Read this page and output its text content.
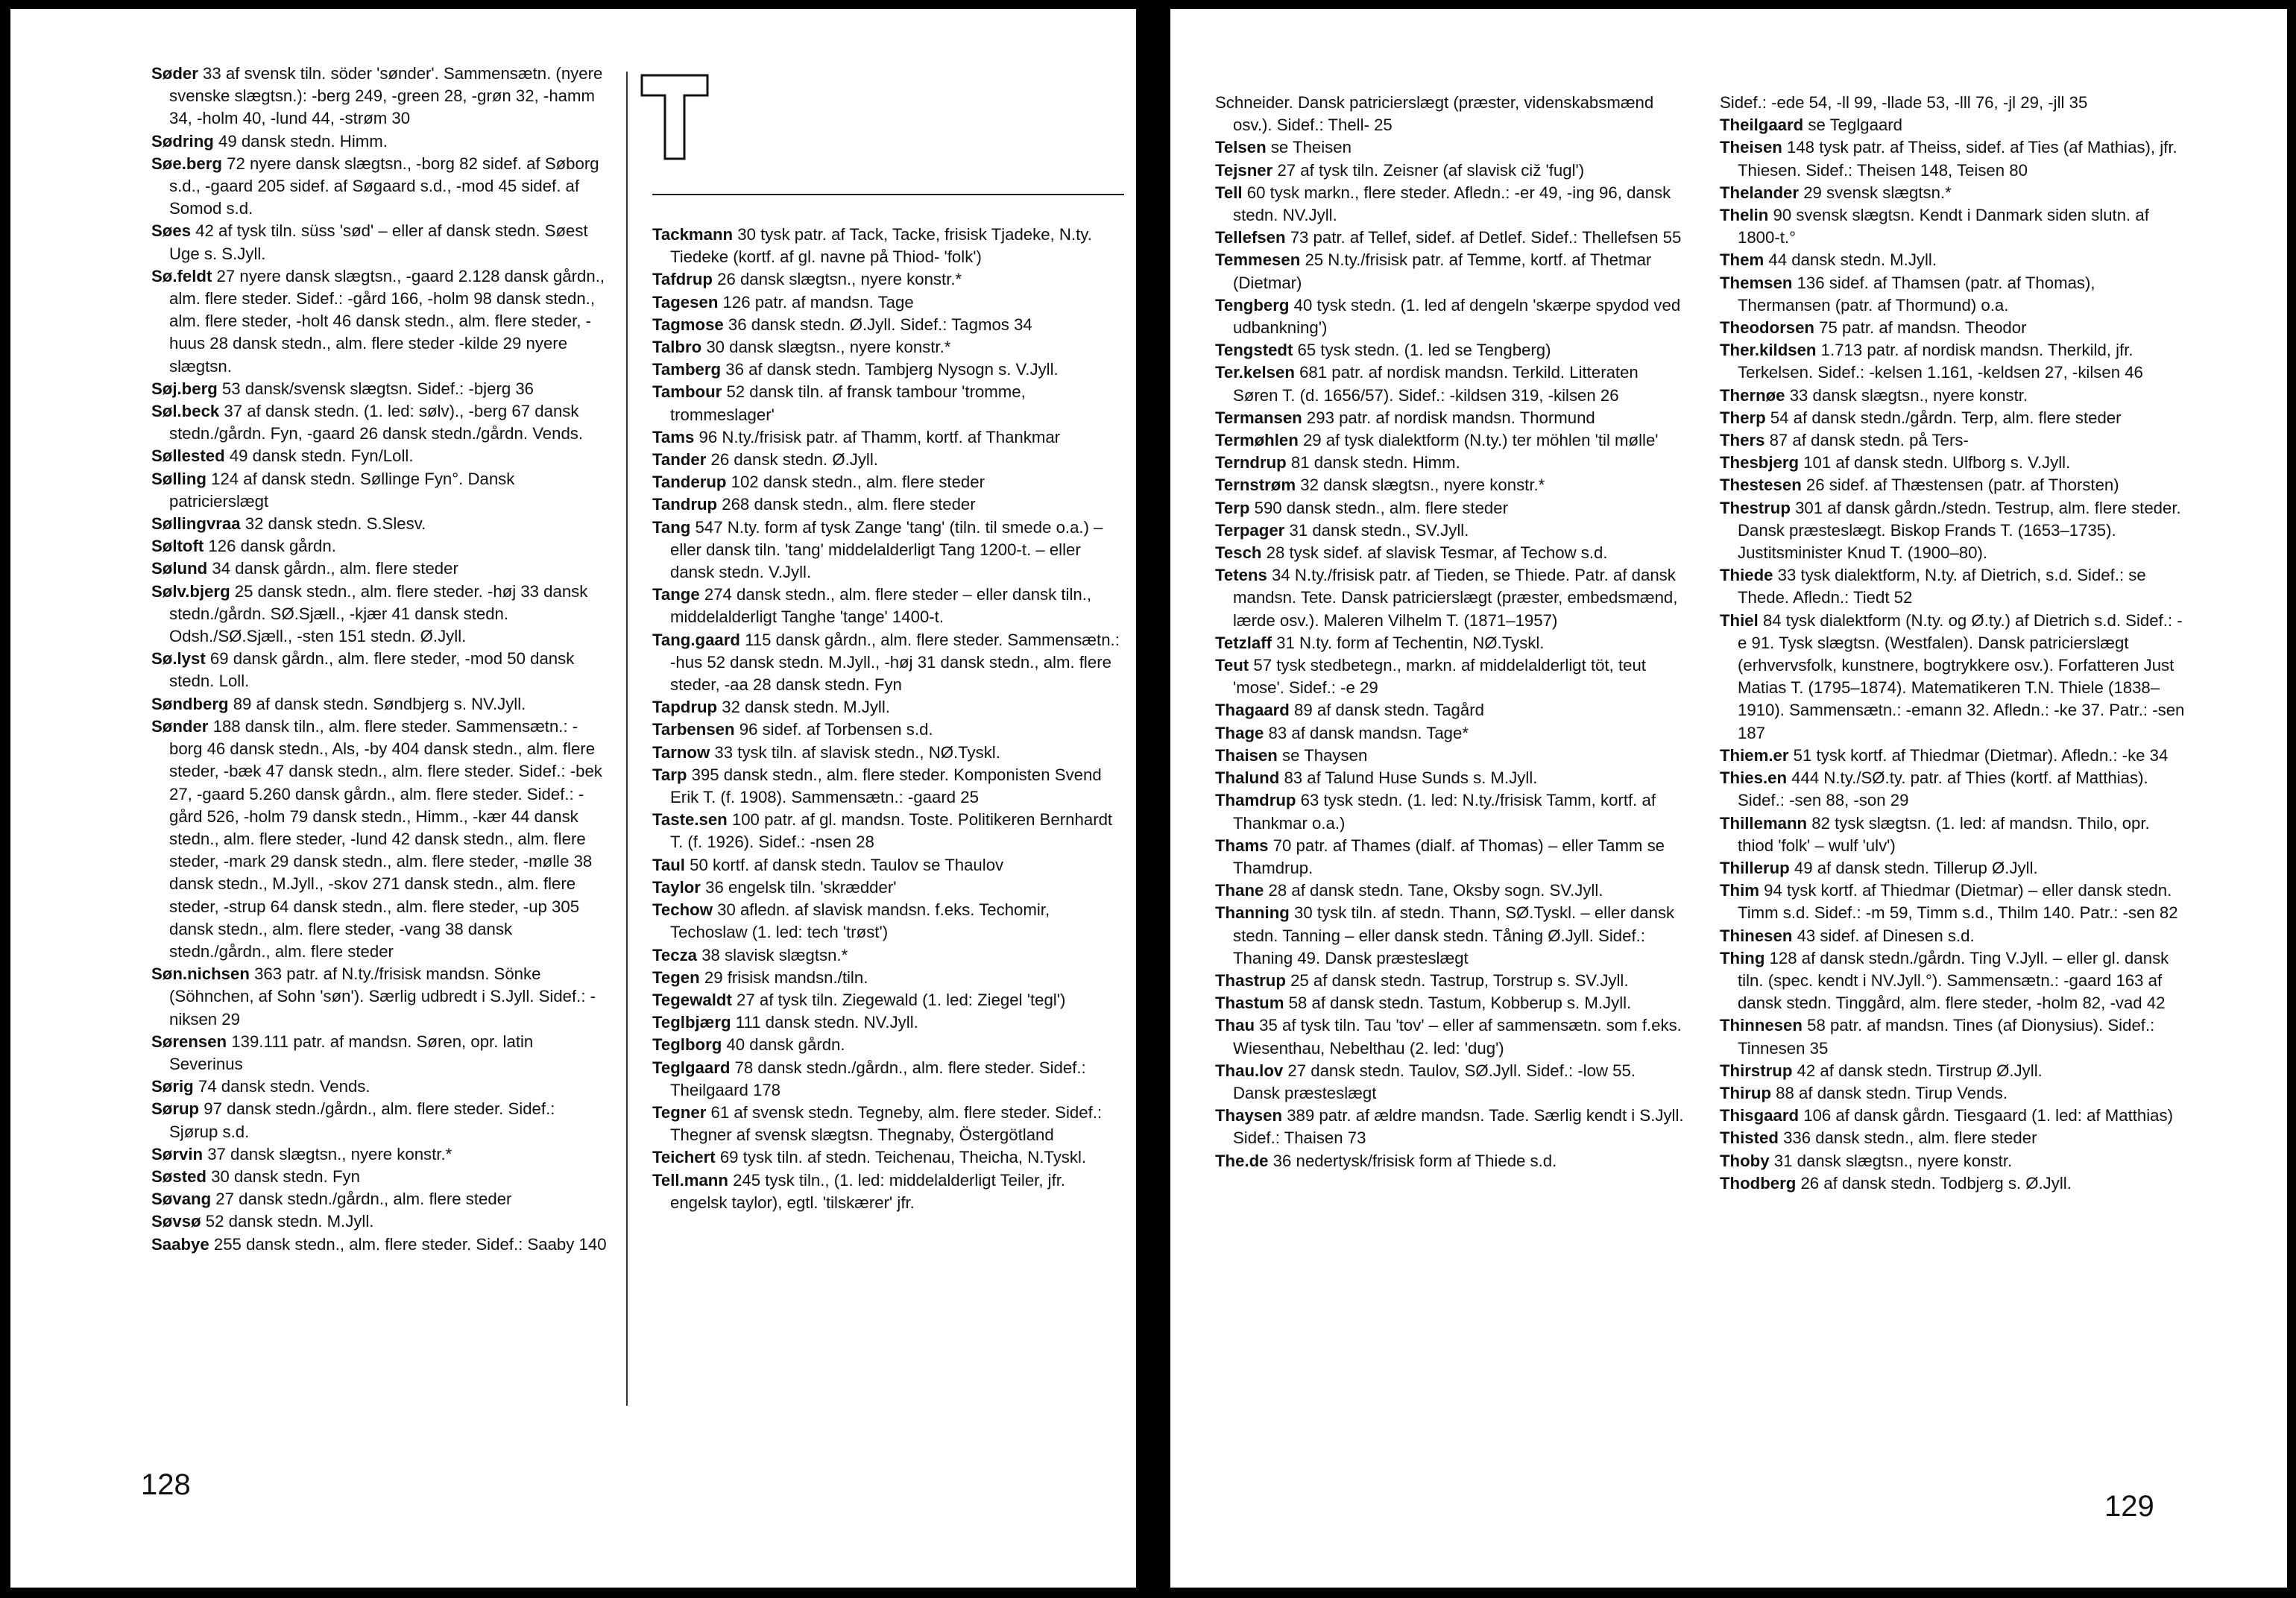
Søder 33 af svensk tiln. söder 'sønder'. Sammensætn. (nyere svenske slægtsn.): -berg 249, -green 28, -grøn 32, -hamm 34, -holm 40, -lund 44, -strøm 30
Sødring 49 dansk stedn. Himm.
Søe.berg 72 nyere dansk slægtsn., -borg 82 sidef. af Søborg s.d., -gaard 205 sidef. af Søgaard s.d., -mod 45 sidef. af Somod s.d.
Søes 42 af tysk tiln. süss 'sød' – eller af dansk stedn. Søest Uge s. S.Jyll.
Sø.feldt 27 nyere dansk slægtsn., -gaard 2.128 dansk gårdn., alm. flere steder. Sidef.: -gård 166, -holm 98 dansk stedn., alm. flere steder, -holt 46 dansk stedn., alm. flere steder, -huus 28 dansk stedn., alm. flere steder -kilde 29 nyere slægtsn.
Søj.berg 53 dansk/svensk slægtsn. Sidef.: -bjerg 36
Søl.beck 37 af dansk stedn. (1. led: sølv)., -berg 67 dansk stedn./gårdn. Fyn, -gaard 26 dansk stedn./gårdn. Vends.
Søllested 49 dansk stedn. Fyn/Loll.
Sølling 124 af dansk stedn. Søllinge Fyn°. Dansk patricierslægt
Søllingvraa 32 dansk stedn. S.Slesv.
Søltoft 126 dansk gårdn.
Sølund 34 dansk gårdn., alm. flere steder
Sølv.bjerg 25 dansk stedn., alm. flere steder. -høj 33 dansk stedn./gårdn. SØ.Sjæll., -kjær 41 dansk stedn. Odsh./SØ.Sjæll., -sten 151 stedn. Ø.Jyll.
Sø.lyst 69 dansk gårdn., alm. flere steder, -mod 50 dansk stedn. Loll.
Søndberg 89 af dansk stedn. Søndbjerg s. NV.Jyll.
Sønder 188 dansk tiln., alm. flere steder. Sammensætn.: -borg 46 dansk stedn., Als, -by 404 dansk stedn., alm. flere steder, -bæk 47 dansk stedn., alm. flere steder. Sidef.: -bek 27, -gaard 5.260 dansk gårdn., alm. flere steder. Sidef.: -gård 526, -holm 79 dansk stedn., Himm., -kær 44 dansk stedn., alm. flere steder, -lund 42 dansk stedn., alm. flere steder, -mark 29 dansk stedn., alm. flere steder, -mølle 38 dansk stedn., M.Jyll., -skov 271 dansk stedn., alm. flere steder, -strup 64 dansk stedn., alm. flere steder, -up 305 dansk stedn., alm. flere steder, -vang 38 dansk stedn./gårdn., alm. flere steder
Søn.nichsen 363 patr. af N.ty./frisisk mandsn. Sönke (Söhnchen, af Sohn 'søn'). Særlig udbredt i S.Jyll. Sidef.: -niksen 29
Sørensen 139.111 patr. af mandsn. Søren, opr. latin Severinus
Sørig 74 dansk stedn. Vends.
Sørup 97 dansk stedn./gårdn., alm. flere steder. Sidef.: Sjørup s.d.
Sørvin 37 dansk slægtsn., nyere konstr.*
Søsted 30 dansk stedn. Fyn
Søvang 27 dansk stedn./gårdn., alm. flere steder
Søvsø 52 dansk stedn. M.Jyll.
Saabye 255 dansk stedn., alm. flere steder. Sidef.: Saaby 140
Tackmann 30 tysk patr. af Tack, Tacke, frisisk Tjadeke, N.ty. Tiedeke (kortf. af gl. navne på Thiod- 'folk')
Tafdrup 26 dansk slægtsn., nyere konstr.*
Tagesen 126 patr. af mandsn. Tage
Tagmose 36 dansk stedn. Ø.Jyll. Sidef.: Tagmos 34
Talbro 30 dansk slægtsn., nyere konstr.*
Tamberg 36 af dansk stedn. Tambjerg Nysogn s. V.Jyll.
Tambour 52 dansk tiln. af fransk tambour 'tromme, trommeslager'
Tams 96 N.ty./frisisk patr. af Thamm, kortf. af Thankmar
Tander 26 dansk stedn. Ø.Jyll.
Tanderup 102 dansk stedn., alm. flere steder
Tandrup 268 dansk stedn., alm. flere steder
Tang 547 N.ty. form af tysk Zange 'tang' (tiln. til smede o.a.) – eller dansk tiln. 'tang' middelalderligt Tang 1200-t. – eller dansk stedn. V.Jyll.
Tange 274 dansk stedn., alm. flere steder – eller dansk tiln., middelalderligt Tanghe 'tange' 1400-t.
Tang.gaard 115 dansk gårdn., alm. flere steder. Sammensætn.: -hus 52 dansk stedn. M.Jyll., -høj 31 dansk stedn., alm. flere steder, -aa 28 dansk stedn. Fyn
Tapdrup 32 dansk stedn. M.Jyll.
Tarbensen 96 sidef. af Torbensen s.d.
Tarnow 33 tysk tiln. af slavisk stedn., NØ.Tyskl.
Tarp 395 dansk stedn., alm. flere steder. Komponisten Svend Erik T. (f. 1908). Sammensætn.: -gaard 25
Taste.sen 100 patr. af gl. mandsn. Toste. Politikeren Bernhardt T. (f. 1926). Sidef.: -nsen 28
Taul 50 kortf. af dansk stedn. Taulov se Thaulov
Taylor 36 engelsk tiln. 'skrædder'
Techow 30 afledn. af slavisk mandsn. f.eks. Techomir, Techoslaw (1. led: tech 'trøst')
Tecza 38 slavisk slægtsn.*
Tegen 29 frisisk mandsn./tiln.
Tegewaldt 27 af tysk tiln. Ziegewald (1. led: Ziegel 'tegl')
Teglbjærg 111 dansk stedn. NV.Jyll.
Teglborg 40 dansk gårdn.
Teglgaard 78 dansk stedn./gårdn., alm. flere steder. Sidef.: Theilgaard 178
Tegner 61 af svensk stedn. Tegneby, alm. flere steder. Sidef.: Thegner af svensk slægtsn. Thegnaby, Östergötland
Teichert 69 tysk tiln. af stedn. Teichenau, Theicha, N.Tyskl.
Tell.mann 245 tysk tiln., (1. led: middelalderligt Teiler, jfr. engelsk taylor), egtl. 'tilskærer' jfr.
128
Schneider. Dansk patricierslægt (præster, videnskabsmænd osv.). Sidef.: Thell- 25
Telsen se Theisen
Tejsner 27 af tysk tiln. Zeisner (af slavisk ciž 'fugl')
Tell 60 tysk markn., flere steder. Afledn.: -er 49, -ing 96, dansk stedn. NV.Jyll.
Tellefsen 73 patr. af Tellef, sidef. af Detlef. Sidef.: Thellefsen 55
Temmesen 25 N.ty./frisisk patr. af Temme, kortf. af Thetmar (Dietmar)
Tengberg 40 tysk stedn. (1. led af dengeln 'skærpe spydod ved udbankning')
Tengstedt 65 tysk stedn. (1. led se Tengberg)
Ter.kelsen 681 patr. af nordisk mandsn. Terkild. Litteraten Søren T. (d. 1656/57). Sidef.: -kildsen 319, -kilsen 26
Termansen 293 patr. af nordisk mandsn. Thormund
Termøhlen 29 af tysk dialektform (N.ty.) ter möhlen 'til mølle'
Terndrup 81 dansk stedn. Himm.
Ternstrøm 32 dansk slægtsn., nyere konstr.*
Terp 590 dansk stedn., alm. flere steder
Terpager 31 dansk stedn., SV.Jyll.
Tesch 28 tysk sidef. af slavisk Tesmar, af Techow s.d.
Tetens 34 N.ty./frisisk patr. af Tieden, se Thiede. Patr. af dansk mandsn. Tete. Dansk patricierslægt (præster, embedsmænd, lærde osv.). Maleren Vilhelm T. (1871–1957)
Tetzlaff 31 N.ty. form af Techentin, NØ.Tyskl.
Teut 57 tysk stedbetegn., markn. af middelalderligt töt, teut 'mose'. Sidef.: -e 29
Thagaard 89 af dansk stedn. Tagård
Thage 83 af dansk mandsn. Tage*
Thaisen se Thaysen
Thalund 83 af Talund Huse Sunds s. M.Jyll.
Thamdrup 63 tysk stedn. (1. led: N.ty./frisisk Tamm, kortf. af Thankmar o.a.)
Thams 70 patr. af Thames (dialf. af Thomas) – eller Tamm se Thamdrup.
Thane 28 af dansk stedn. Tane, Oksby sogn. SV.Jyll.
Thanning 30 tysk tiln. af stedn. Thann, SØ.Tyskl. – eller dansk stedn. Tanning – eller dansk stedn. Tåning Ø.Jyll. Sidef.: Thaning 49. Dansk præsteslægt
Thastrup 25 af dansk stedn. Tastrup, Torstrup s. SV.Jyll.
Thastum 58 af dansk stedn. Tastum, Kobberup s. M.Jyll.
Thau 35 af tysk tiln. Tau 'tov' – eller af sammensætn. som f.eks. Wiesenthau, Nebelthau (2. led: 'dug')
Thau.lov 27 dansk stedn. Taulov, SØ.Jyll. Sidef.: -low 55. Dansk præsteslægt
Thaysen 389 patr. af ældre mandsn. Tade. Særlig kendt i S.Jyll. Sidef.: Thaisen 73
The.de 36 nedertysk/frisisk form af Thiede s.d.
Sidef.: -ede 54, -ll 99, -llade 53, -lll 76, -jl 29, -jll 35
Theilgaard se Teglgaard
Theisen 148 tysk patr. af Theiss, sidef. af Ties (af Mathias), jfr. Thiesen. Sidef.: Theisen 148, Teisen 80
Thelander 29 svensk slægtsn.*
Thelin 90 svensk slægtsn. Kendt i Danmark siden slutn. af 1800-t.°
Them 44 dansk stedn. M.Jyll.
Themsen 136 sidef. af Thamsen (patr. af Thomas), Thermansen (patr. af Thormund) o.a.
Theodorsen 75 patr. af mandsn. Theodor
Ther.kildsen 1.713 patr. af nordisk mandsn. Therkild, jfr. Terkelsen. Sidef.: -kelsen 1.161, -keldsen 27, -kilsen 46
Thernøe 33 dansk slægtsn., nyere konstr.
Therp 54 af dansk stedn./gårdn. Terp, alm. flere steder
Thers 87 af dansk stedn. på Ters-
Thesbjerg 101 af dansk stedn. Ulfborg s. V.Jyll.
Thestesen 26 sidef. af Thæstensen (patr. af Thorsten)
Thestrup 301 af dansk gårdn./stedn. Testrup, alm. flere steder. Dansk præsteslægt. Biskop Frands T. (1653–1735). Justitsminister Knud T. (1900–80).
Thiede 33 tysk dialektform, N.ty. af Dietrich, s.d. Sidef.: se Thede. Afledn.: Tiedt 52
Thiel 84 tysk dialektform (N.ty. og Ø.ty.) af Dietrich s.d. Sidef.: -e 91. Tysk slægtsn. (Westfalen). Dansk patricierslægt (erhvervsfolk, kunstnere, bogtrykkere osv.). Forfatteren Just Matias T. (1795–1874). Matematikeren T.N. Thiele (1838–1910). Sammensætn.: -emann 32. Afledn.: -ke 37. Patr.: -sen 187
Thiem.er 51 tysk kortf. af Thiedmar (Dietmar). Afledn.: -ke 34
Thies.en 444 N.ty./SØ.ty. patr. af Thies (kortf. af Matthias). Sidef.: -sen 88, -son 29
Thillemann 82 tysk slægtsn. (1. led: af mandsn. Thilo, opr. thiod 'folk' – wulf 'ulv')
Thillerup 49 af dansk stedn. Tillerup Ø.Jyll.
Thim 94 tysk kortf. af Thiedmar (Dietmar) – eller dansk stedn. Timm s.d. Sidef.: -m 59, Timm s.d., Thilm 140. Patr.: -sen 82
Thinesen 43 sidef. af Dinesen s.d.
Thing 128 af dansk stedn./gårdn. Ting V.Jyll. – eller gl. dansk tiln. (spec. kendt i NV.Jyll.°). Sammensætn.: -gaard 163 af dansk stedn. Tinggård, alm. flere steder, -holm 82, -vad 42
Thinnesen 58 patr. af mandsn. Tines (af Dionysius). Sidef.: Tinnesen 35
Thirstrup 42 af dansk stedn. Tirstrup Ø.Jyll.
Thirup 88 af dansk stedn. Tirup Vends.
Thisgaard 106 af dansk gårdn. Tiesgaard (1. led: af Matthias)
Thisted 336 dansk stedn., alm. flere steder
Thoby 31 dansk slægtsn., nyere konstr.
Thodberg 26 af dansk stedn. Todbjerg s. Ø.Jyll.
129
